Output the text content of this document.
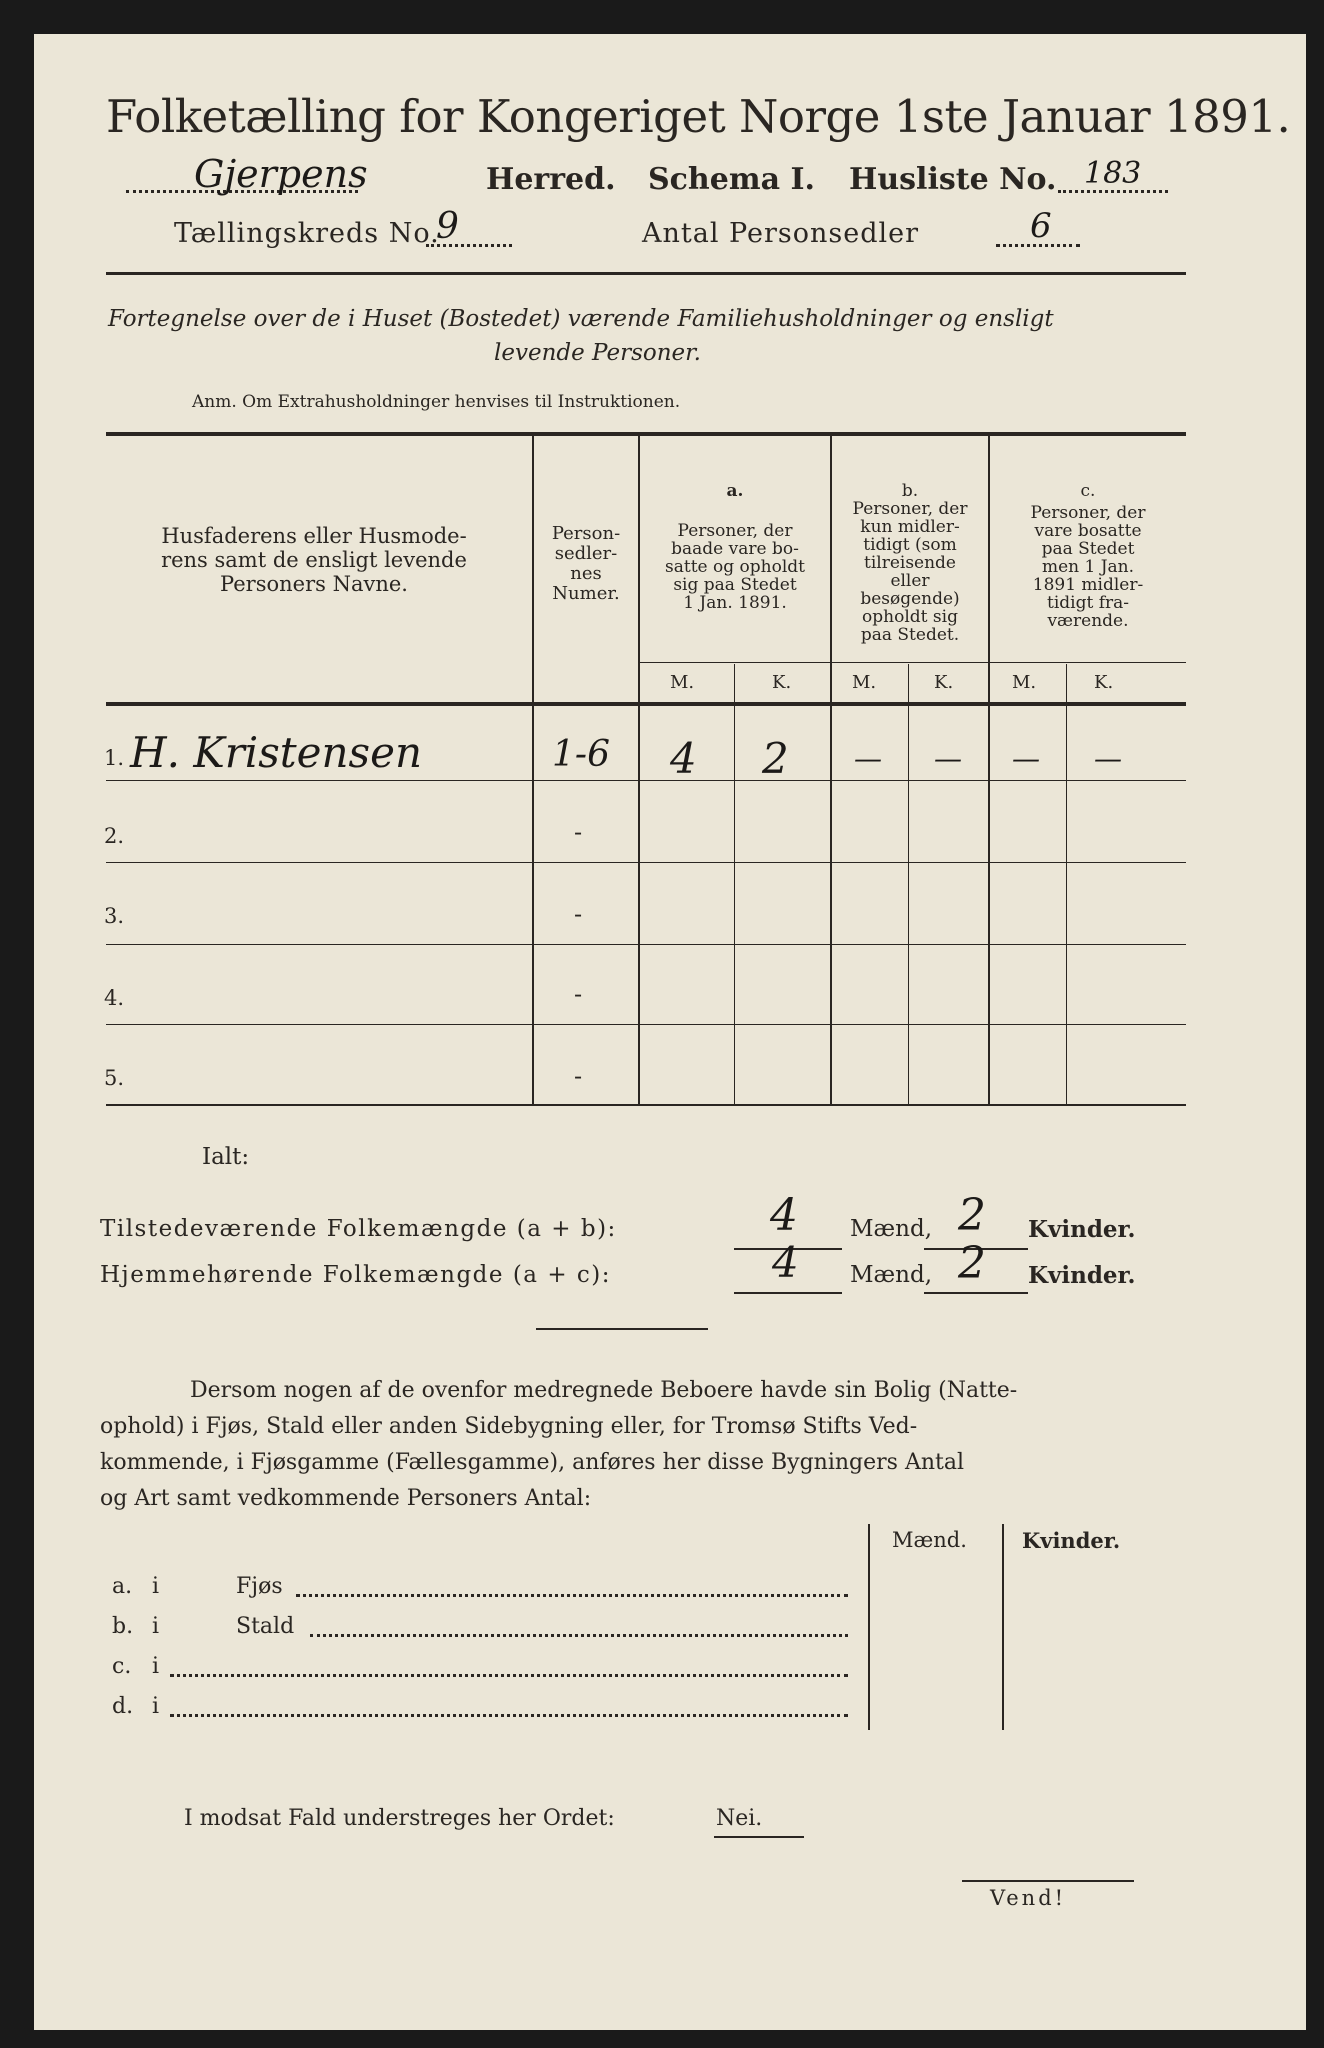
Folketælling for Kongeriget Norge 1ste Januar 1891.
Gjerpens	Herred. Schema I. Husliste No. 183
Tællingskreds No.
9	Antal Personsedler	6
Fortegnelse over de i Huset (Bostedet) værende Familiehusholdninger og ensligt
levende Personer.
Anm. Om Extrahusholdninger henvises til Instruktionen.
Husfaderens eller Husmode-
rens samt de ensligt levende
Personers Navne.
Person-
sedler-
nes
Numer.
a.
Personer, der
baade vare bo-
satte og opholdt
sig paa Stedet
1 Jan. 1891.
b.
Personer, der
kun midler-
tidigt (som
tilreisende
eller
besøgende)
opholdt sig
paa Stedet.
c.
Personer, der
vare bosatte
paa Stedet
men 1 Jan.
1891 midler-
tidigt fra-
værende.
M.	K.	M.	K.	M.	K.
1. H. Kristensen	1-6 4 2 — — — —
2.	-
3.	-
4.	-
5.	-
Ialt:
Tilstedeværende Folkemængde (a + b):	4 Mænd, 2 Kvinder.
Hjemmehørende Folkemængde (a + c):	4 Mænd, 2 Kvinder.
Dersom nogen af de ovenfor medregnede Beboere havde sin Bolig (Natte-
ophold) i Fjøs, Stald eller anden Sidebygning eller, for Tromsø Stifts Ved-
kommende, i Fjøsgamme (Fællesgamme), anføres her disse Bygningers Antal
og Art samt vedkommende Personers Antal:
Mænd.	Kvinder.
a. i	Fjøs
b. i	Stald
c. i
d. i
I modsat Fald understreges her Ordet:	Nei.
Vend!
